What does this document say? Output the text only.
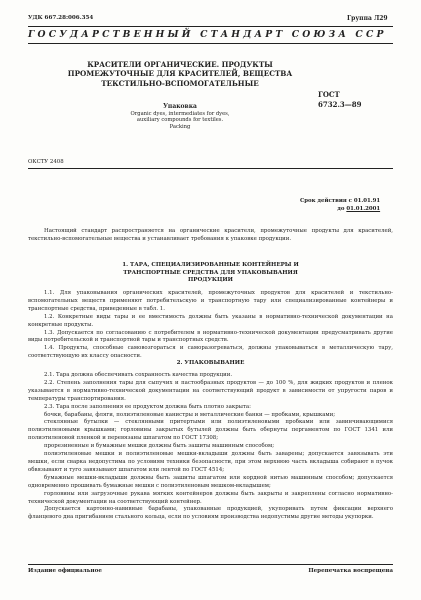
УДК 667.28:006.354	Группа Л29
ГОСУДАРСТВЕННЫЙ СТАНДАРТ СОЮЗА ССР
КРАСИТЕЛИ ОРГАНИЧЕСКИЕ. ПРОДУКТЫ
ПРОМЕЖУТОЧНЫЕ ДЛЯ КРАСИТЕЛЕЙ, ВЕЩЕСТВА
ТЕКСТИЛЬНО-ВСПОМОГАТЕЛЬНЫЕ
ГОСТ
6732.3—89
Упаковка
Organic dyes, intermediates for dyes,
auxiliary compounds for textiles.
Packing
ОКСТУ 2408
Срок действия с 01.01.91
до 01.01.2001

Настоящий стандарт распространяется на органические красители, промежуточные продукты для красителей, текстильно-вспомогательные вещества и устанавливает требования к упаковке продукции.

1. ТАРА, СПЕЦИАЛИЗИРОВАННЫЕ КОНТЕЙНЕРЫ И
ТРАНСПОРТНЫЕ СРЕДСТВА ДЛЯ УПАКОВЫВАНИЯ
ПРОДУКЦИИ

1.1. Для упаковывания органических красителей, промежуточных продуктов для красителей и текстильно-вспомогательных веществ применяют потребительскую и транспортную тару или специализированные контейнеры и транспортные средства, приведенные в табл. 1.

1.2. Конкретные виды тары и ее вместимость должны быть указаны в нормативно-технической документации на конкретные продукты.

1.3. Допускается по согласованию с потребителем в нормативно-технической документации предусматривать другие виды потребительской и транспортной тары и транспортных средств.

1.4. Продукты, способные самовозгораться и саморазогреваться, должны упаковываться в металлическую тару, соответствующую их классу опасности.

2. УПАКОВЫВАНИЕ

2.1. Тара должна обеспечивать сохранность качества продукции.

2.2. Степень заполнения тары для сыпучих и пастообразных продуктов — до 100 %, для жидких продуктов и пленок указывается в нормативно-технической документации на соответствующий продукт в зависимости от упругости паров и температуры транспортирования.

2.3. Тара после заполнения ее продуктом должна быть плотно закрыта:

бочки, барабаны, фляги, полиэтиленовые канистры и металлические банки — пробками, крышками;

стеклянные бутылки — стеклянными притертыми или полиэтиленовыми пробками или завинчивающимися полиэтиленовыми крышками; горловины закрытых бутылей должны быть обернуты пергаментом по ГОСТ 1341 или полиэтиленовой пленкой и перевязаны шпагатом по ГОСТ 17308;

прорезиненные и бумажные мешки должны быть зашиты машинным способом;

полиэтиленовые мешки и полиэтиленовые мешки-вкладыши должны быть заварены; допускается завязывать эти мешки, если сварка недопустима по условиям техники безопасности, при этом верхнюю часть вкладыша собирают в пучок обвязывают и туго завязывают шпагатом или лентой по ГОСТ 4514;

бумажные мешки-вкладыши должны быть зашиты шпагатом или кордной нитью машинным способом; допускается одновременно прошивать бумажные мешки с полиэтиленовым мешком-вкладышем;

горловины или загрузочные рукава мягких контейнеров должны быть закрыты и закреплены согласно нормативно-технической документации на соответствующий контейнер.

Допускается картонно-навивные барабаны, упакованные продукцией, укупоривать путем фиксации верхнего фланцевого дна пригибанием стального кольца, если по условиям производства недопустимы другие методы укупорки.

Издание официальное	Перепечатка воспрещена
